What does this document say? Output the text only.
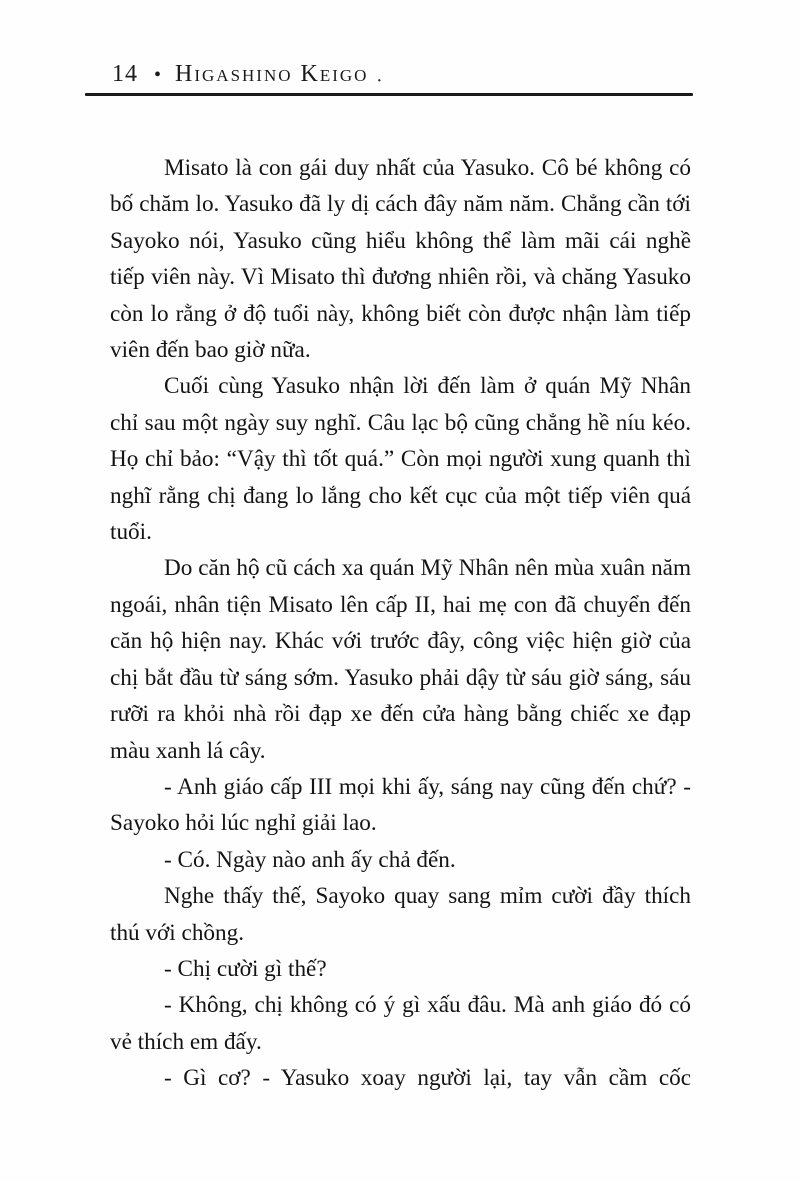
14 • Higashino Keigo ·

Misato là con gái duy nhất của Yasuko. Cô bé không có bố chăm lo. Yasuko đã ly dị cách đây năm năm. Chẳng cần tới Sayoko nói, Yasuko cũng hiểu không thể làm mãi cái nghề tiếp viên này. Vì Misato thì đương nhiên rồi, và chăng Yasuko còn lo rằng ở độ tuổi này, không biết còn được nhận làm tiếp viên đến bao giờ nữa.

Cuối cùng Yasuko nhận lời đến làm ở quán Mỹ Nhân chỉ sau một ngày suy nghĩ. Câu lạc bộ cũng chẳng hề níu kéo. Họ chỉ bảo: “Vậy thì tốt quá.” Còn mọi người xung quanh thì nghĩ rằng chị đang lo lắng cho kết cục của một tiếp viên quá tuổi.

Do căn hộ cũ cách xa quán Mỹ Nhân nên mùa xuân năm ngoái, nhân tiện Misato lên cấp II, hai mẹ con đã chuyển đến căn hộ hiện nay. Khác với trước đây, công việc hiện giờ của chị bắt đầu từ sáng sớm. Yasuko phải dậy từ sáu giờ sáng, sáu rưỡi ra khỏi nhà rồi đạp xe đến cửa hàng bằng chiếc xe đạp màu xanh lá cây.

- Anh giáo cấp III mọi khi ấy, sáng nay cũng đến chứ? - Sayoko hỏi lúc nghỉ giải lao.

- Có. Ngày nào anh ấy chả đến.

Nghe thấy thế, Sayoko quay sang mỉm cười đầy thích thú với chồng.

- Chị cười gì thế?

- Không, chị không có ý gì xấu đâu. Mà anh giáo đó có vẻ thích em đấy.

- Gì cơ? - Yasuko xoay người lại, tay vẫn cầm cốc
